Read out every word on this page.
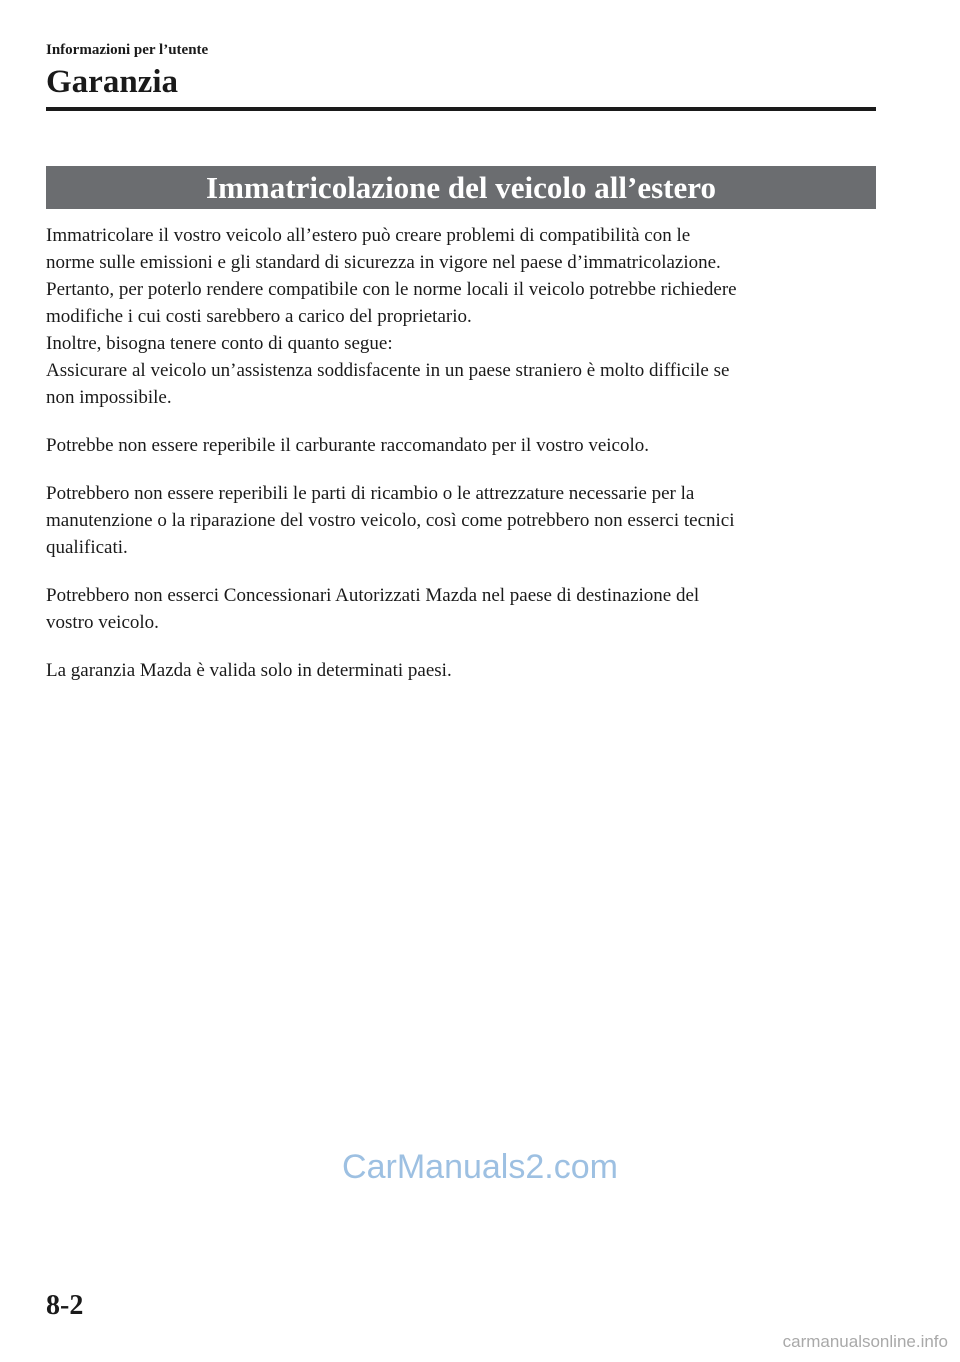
Informazioni per l’utente
Garanzia
Immatricolazione del veicolo all’estero
Immatricolare il vostro veicolo all’estero può creare problemi di compatibilità con le
norme sulle emissioni e gli standard di sicurezza in vigore nel paese d’immatricolazione.
Pertanto, per poterlo rendere compatibile con le norme locali il veicolo potrebbe richiedere
modifiche i cui costi sarebbero a carico del proprietario.
Inoltre, bisogna tenere conto di quanto segue:
Assicurare al veicolo un’assistenza soddisfacente in un paese straniero è molto difficile se
non impossibile.
Potrebbe non essere reperibile il carburante raccomandato per il vostro veicolo.
Potrebbero non essere reperibili le parti di ricambio o le attrezzature necessarie per la
manutenzione o la riparazione del vostro veicolo, così come potrebbero non esserci tecnici
qualificati.
Potrebbero non esserci Concessionari Autorizzati Mazda nel paese di destinazione del
vostro veicolo.
La garanzia Mazda è valida solo in determinati paesi.
CarManuals2.com
8-2
carmanualsonline.info
